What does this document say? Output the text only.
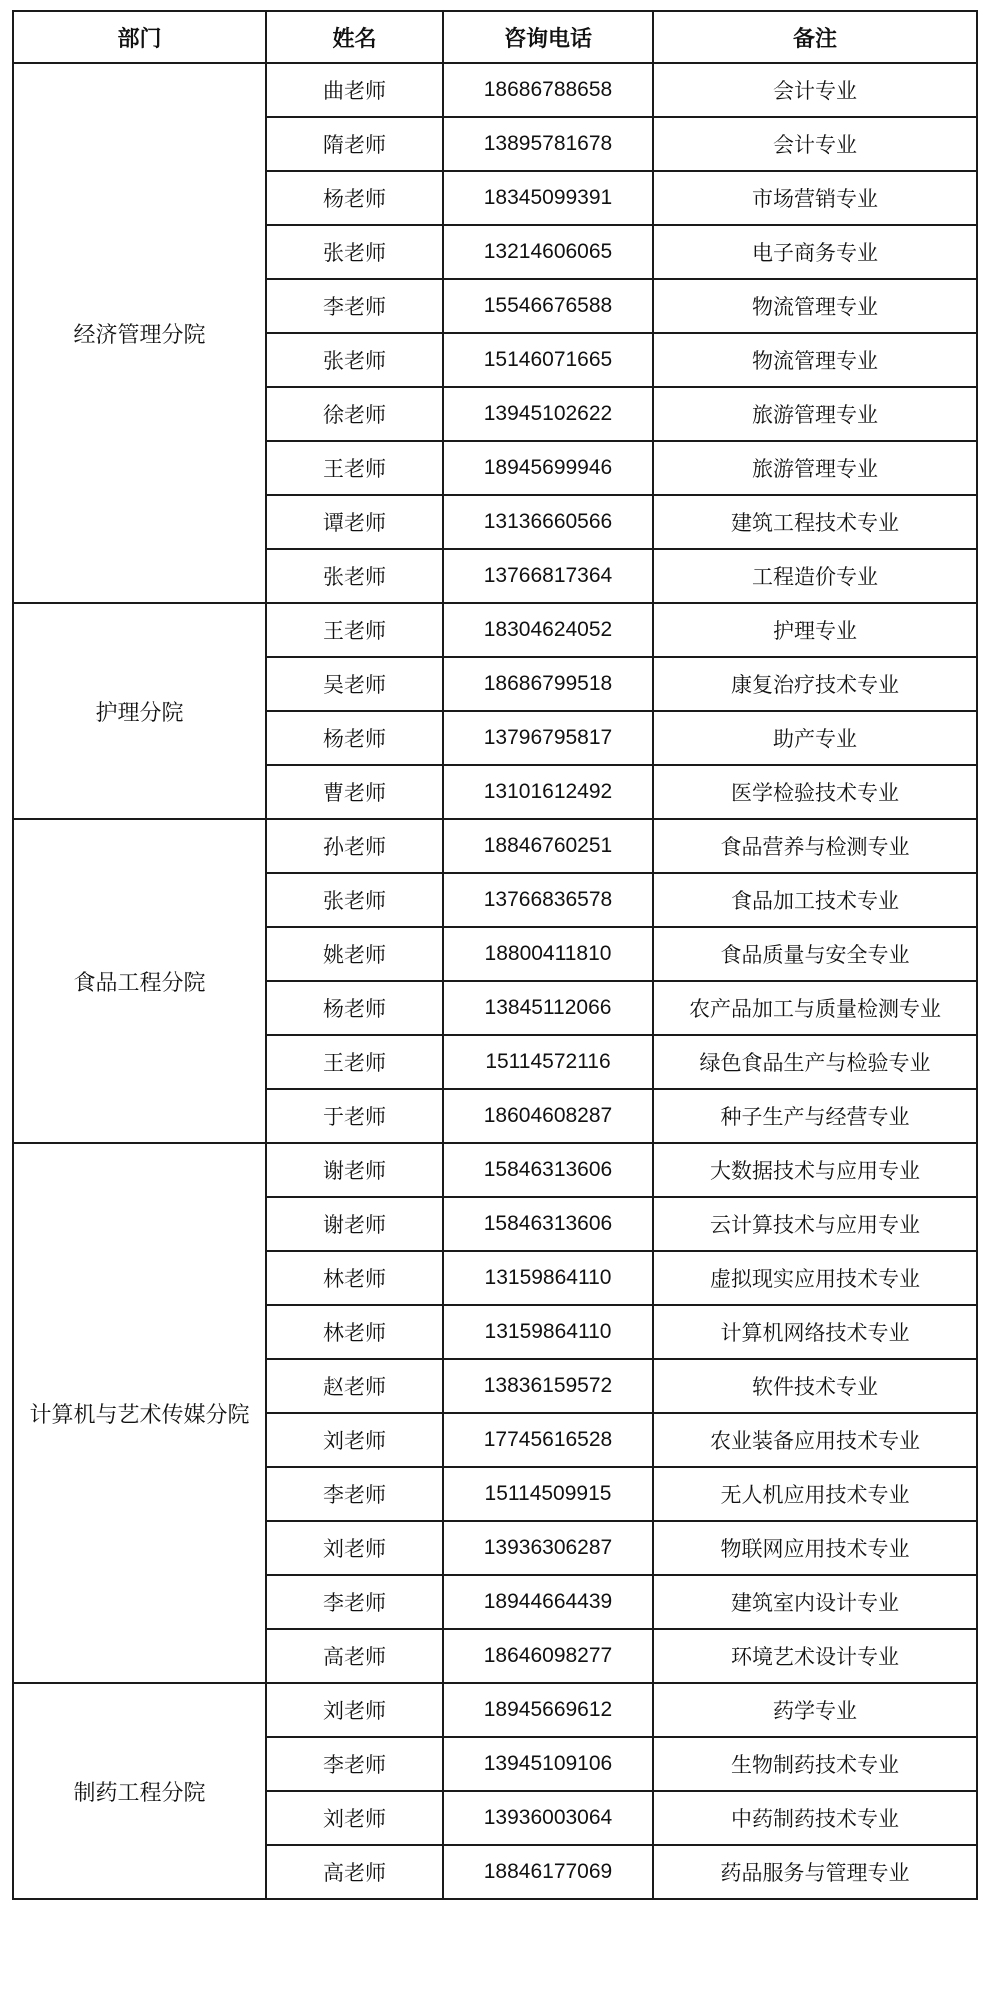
部门	姓名	咨询电话	备注
经济管理分院	曲老师	18686788658	会计专业
	隋老师	13895781678	会计专业
	杨老师	18345099391	市场营销专业
	张老师	13214606065	电子商务专业
	李老师	15546676588	物流管理专业
	张老师	15146071665	物流管理专业
	徐老师	13945102622	旅游管理专业
	王老师	18945699946	旅游管理专业
	谭老师	13136660566	建筑工程技术专业
	张老师	13766817364	工程造价专业
护理分院	王老师	18304624052	护理专业
	吴老师	18686799518	康复治疗技术专业
	杨老师	13796795817	助产专业
	曹老师	13101612492	医学检验技术专业
食品工程分院	孙老师	18846760251	食品营养与检测专业
	张老师	13766836578	食品加工技术专业
	姚老师	18800411810	食品质量与安全专业
	杨老师	13845112066	农产品加工与质量检测专业
	王老师	15114572116	绿色食品生产与检验专业
	于老师	18604608287	种子生产与经营专业
计算机与艺术传媒分院	谢老师	15846313606	大数据技术与应用专业
	谢老师	15846313606	云计算技术与应用专业
	林老师	13159864110	虚拟现实应用技术专业
	林老师	13159864110	计算机网络技术专业
	赵老师	13836159572	软件技术专业
	刘老师	17745616528	农业装备应用技术专业
	李老师	15114509915	无人机应用技术专业
	刘老师	13936306287	物联网应用技术专业
	李老师	18944664439	建筑室内设计专业
	高老师	18646098277	环境艺术设计专业
制药工程分院	刘老师	18945669612	药学专业
	李老师	13945109106	生物制药技术专业
	刘老师	13936003064	中药制药技术专业
	高老师	18846177069	药品服务与管理专业
